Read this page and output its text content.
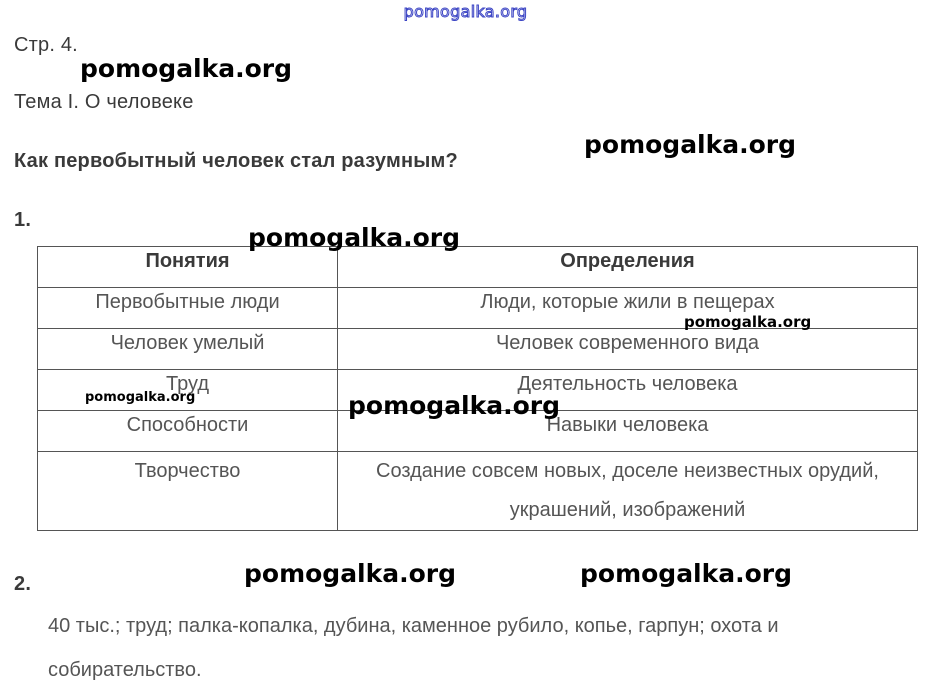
pomogalka.org
Стр. 4.
Тема I. О человеке
Как первобытный человек стал разумным?
1.
Понятия	Определения
Первобытные люди	Люди, которые жили в пещерах
Человек умелый	Человек современного вида
Труд	Деятельность человека
Способности	Навыки человека
Творчество	Создание совсем новых, доселе неизвестных орудий, украшений, изображений
2.
40 тыс.; труд; палка-копалка, дубина, каменное рубило, копье, гарпун; охота и собирательство.
pomogalka.org
pomogalka.org
pomogalka.org
pomogalka.org
pomogalka.org	pomogalka.org
pomogalka.org	pomogalka.org
